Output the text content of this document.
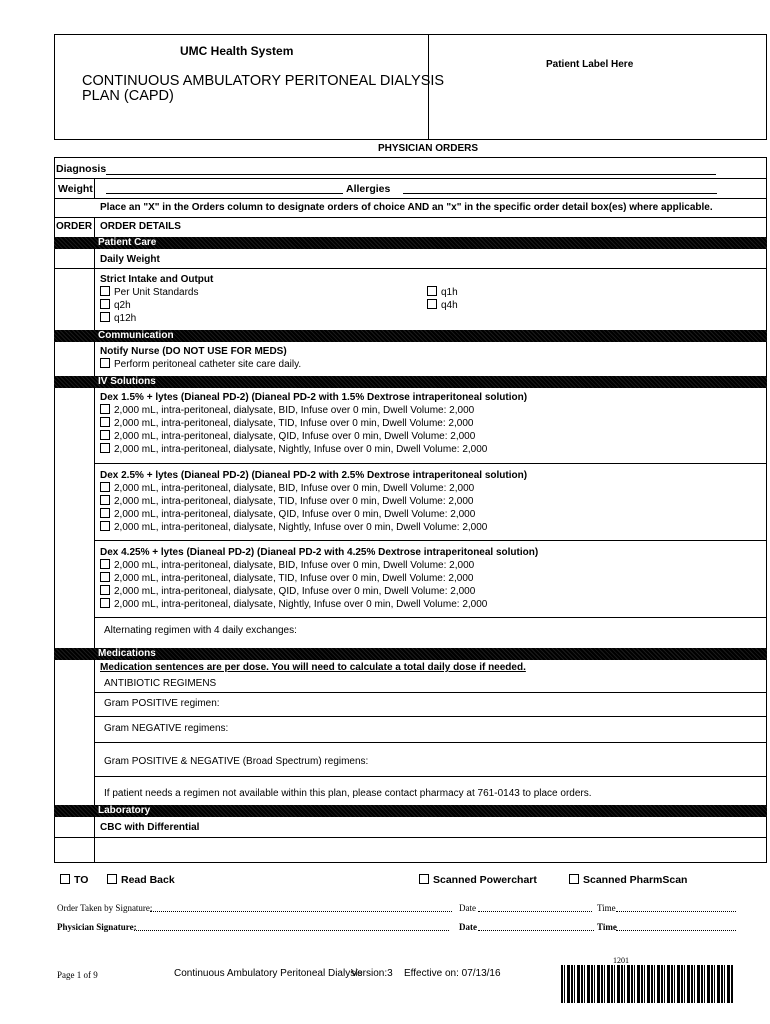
UMC Health System
CONTINUOUS AMBULATORY PERITONEAL DIALYSIS
PLAN (CAPD)
Patient Label Here
PHYSICIAN ORDERS
Diagnosis
Weight	Allergies
Place an "X" in the Orders column to designate orders of choice AND an "x" in the specific order detail box(es) where applicable.
ORDER ORDER DETAILS
Patient Care
Daily Weight
Strict Intake and Output
Per Unit Standards
q2h
q12h
q1h
q4h
Communication
Notify Nurse (DO NOT USE FOR MEDS)
Perform peritoneal catheter site care daily.
IV Solutions
Dex 1.5% + lytes (Dianeal PD-2) (Dianeal PD-2 with 1.5% Dextrose intraperitoneal solution)
2,000 mL, intra-peritoneal, dialysate, BID, Infuse over 0 min, Dwell Volume: 2,000
2,000 mL, intra-peritoneal, dialysate, TID, Infuse over 0 min, Dwell Volume: 2,000
2,000 mL, intra-peritoneal, dialysate, QID, Infuse over 0 min, Dwell Volume: 2,000
2,000 mL, intra-peritoneal, dialysate, Nightly, Infuse over 0 min, Dwell Volume: 2,000
Dex 2.5% + lytes (Dianeal PD-2) (Dianeal PD-2 with 2.5% Dextrose intraperitoneal solution)
2,000 mL, intra-peritoneal, dialysate, BID, Infuse over 0 min, Dwell Volume: 2,000
2,000 mL, intra-peritoneal, dialysate, TID, Infuse over 0 min, Dwell Volume: 2,000
2,000 mL, intra-peritoneal, dialysate, QID, Infuse over 0 min, Dwell Volume: 2,000
2,000 mL, intra-peritoneal, dialysate, Nightly, Infuse over 0 min, Dwell Volume: 2,000
Dex 4.25% + lytes (Dianeal PD-2) (Dianeal PD-2 with 4.25% Dextrose intraperitoneal solution)
2,000 mL, intra-peritoneal, dialysate, BID, Infuse over 0 min, Dwell Volume: 2,000
2,000 mL, intra-peritoneal, dialysate, TID, Infuse over 0 min, Dwell Volume: 2,000
2,000 mL, intra-peritoneal, dialysate, QID, Infuse over 0 min, Dwell Volume: 2,000
2,000 mL, intra-peritoneal, dialysate, Nightly, Infuse over 0 min, Dwell Volume: 2,000
Alternating regimen with 4 daily exchanges:
Medications
Medication sentences are per dose. You will need to calculate a total daily dose if needed.
ANTIBIOTIC REGIMENS
Gram POSITIVE regimen:
Gram NEGATIVE regimens:
Gram POSITIVE & NEGATIVE (Broad Spectrum) regimens:
If patient needs a regimen not available within this plan, please contact pharmacy at 761-0143 to place orders.
Laboratory
CBC with Differential
TO	Read Back	Scanned Powerchart	Scanned PharmScan
Order Taken by Signature:	Date	Time
Physician Signature:	Date	Time
Page 1 of 9	Continuous Ambulatory Peritoneal Dialysis
Version:3 Effective on: 07/13/16
1201
